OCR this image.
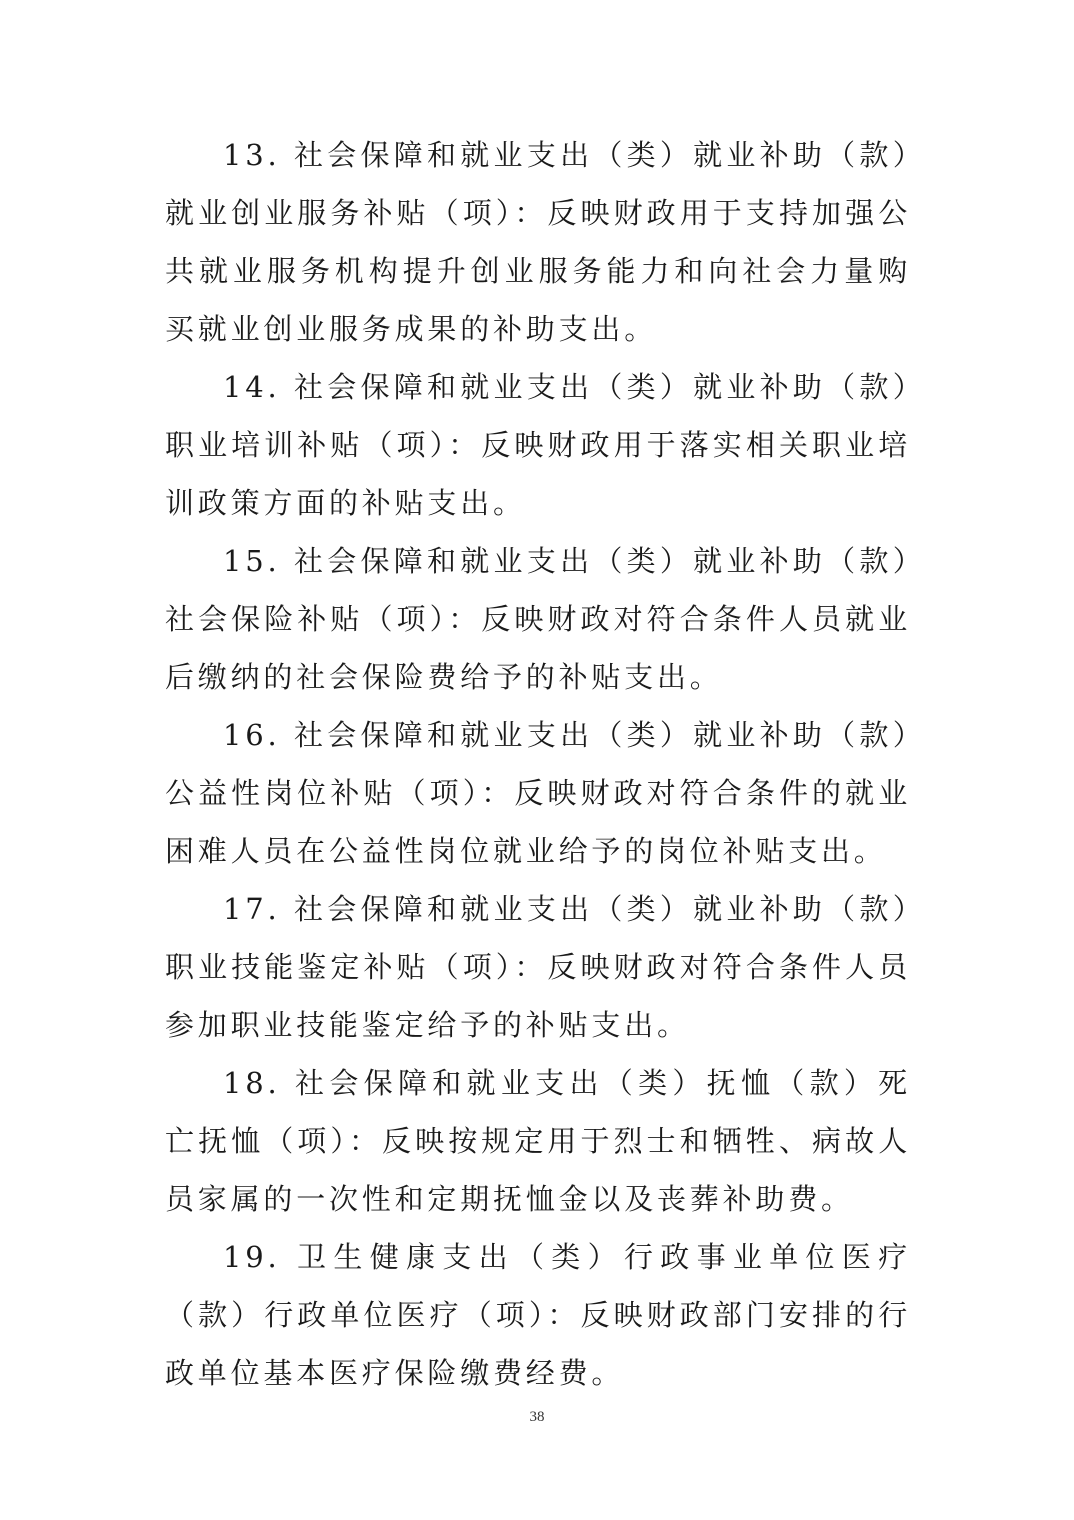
13. 社会保障和就业支出（类）就业补助（款）就业创业服务补贴（项）：反映财政用于支持加强公共就业服务机构提升创业服务能力和向社会力量购买就业创业服务成果的补助支出。

14. 社会保障和就业支出（类）就业补助（款）职业培训补贴（项）：反映财政用于落实相关职业培训政策方面的补贴支出。

15. 社会保障和就业支出（类）就业补助（款）社会保险补贴（项）：反映财政对符合条件人员就业后缴纳的社会保险费给予的补贴支出。

16. 社会保障和就业支出（类）就业补助（款）公益性岗位补贴（项）：反映财政对符合条件的就业困难人员在公益性岗位就业给予的岗位补贴支出。

17. 社会保障和就业支出（类）就业补助（款）职业技能鉴定补贴（项）：反映财政对符合条件人员参加职业技能鉴定给予的补贴支出。

18. 社会保障和就业支出（类）抚恤（款）死亡抚恤（项）：反映按规定用于烈士和牺牲、病故人员家属的一次性和定期抚恤金以及丧葬补助费。

19. 卫生健康支出（类）行政事业单位医疗（款）行政单位医疗（项）：反映财政部门安排的行政单位基本医疗保险缴费经费。

38
